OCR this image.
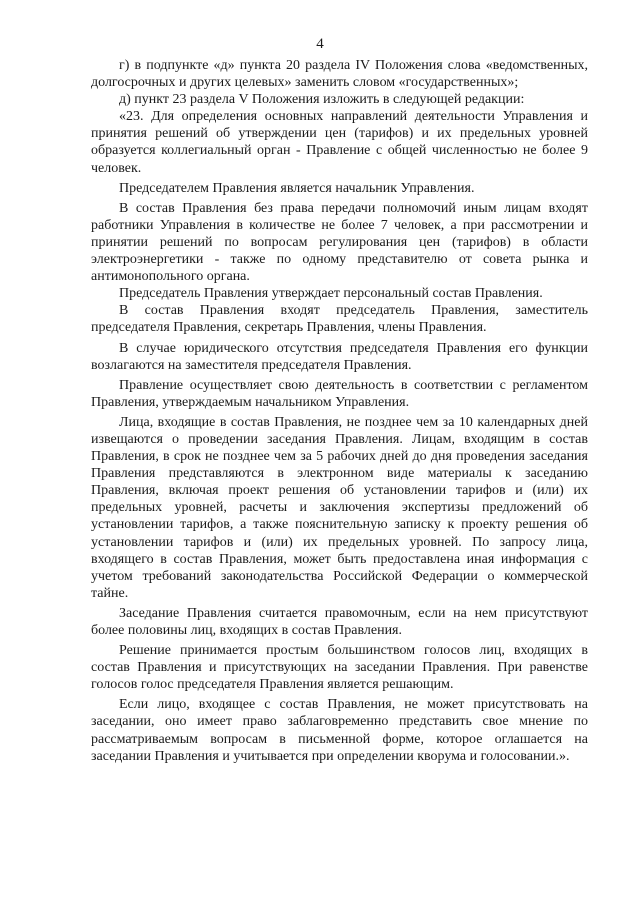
4

г) в подпункте «д» пункта 20 раздела IV Положения слова «ведомственных, долгосрочных и других целевых» заменить словом «государственных»;

д) пункт 23 раздела V Положения изложить в следующей редакции:

«23. Для определения основных направлений деятельности Управления и принятия решений об утверждении цен (тарифов) и их предельных уровней образуется коллегиальный орган - Правление с общей численностью не более 9 человек.

Председателем Правления является начальник Управления.

В состав Правления без права передачи полномочий иным лицам входят работники Управления в количестве не более 7 человек, а при рассмотрении и принятии решений по вопросам регулирования цен (тарифов) в области электроэнергетики - также по одному представителю от совета рынка и антимонопольного органа.

Председатель Правления утверждает персональный состав Правления.

В состав Правления входят председатель Правления, заместитель председателя Правления, секретарь Правления, члены Правления.

В случае юридического отсутствия председателя Правления его функции возлагаются на заместителя председателя Правления.

Правление осуществляет свою деятельность в соответствии с регламентом Правления, утверждаемым начальником Управления.

Лица, входящие в состав Правления, не позднее чем за 10 календарных дней извещаются о проведении заседания Правления. Лицам, входящим в состав Правления, в срок не позднее чем за 5 рабочих дней до дня проведения заседания Правления представляются в электронном виде материалы к заседанию Правления, включая проект решения об установлении тарифов и (или) их предельных уровней, расчеты и заключения экспертизы предложений об установлении тарифов, а также пояснительную записку к проекту решения об установлении тарифов и (или) их предельных уровней. По запросу лица, входящего в состав Правления, может быть предоставлена иная информация с учетом требований законодательства Российской Федерации о коммерческой тайне.

Заседание Правления считается правомочным, если на нем присутствуют более половины лиц, входящих в состав Правления.

Решение принимается простым большинством голосов лиц, входящих в состав Правления и присутствующих на заседании Правления. При равенстве голосов голос председателя Правления является решающим.

Если лицо, входящее с состав Правления, не может присутствовать на заседании, оно имеет право заблаговременно представить свое мнение по рассматриваемым вопросам в письменной форме, которое оглашается на заседании Правления и учитывается при определении кворума и голосовании.».
